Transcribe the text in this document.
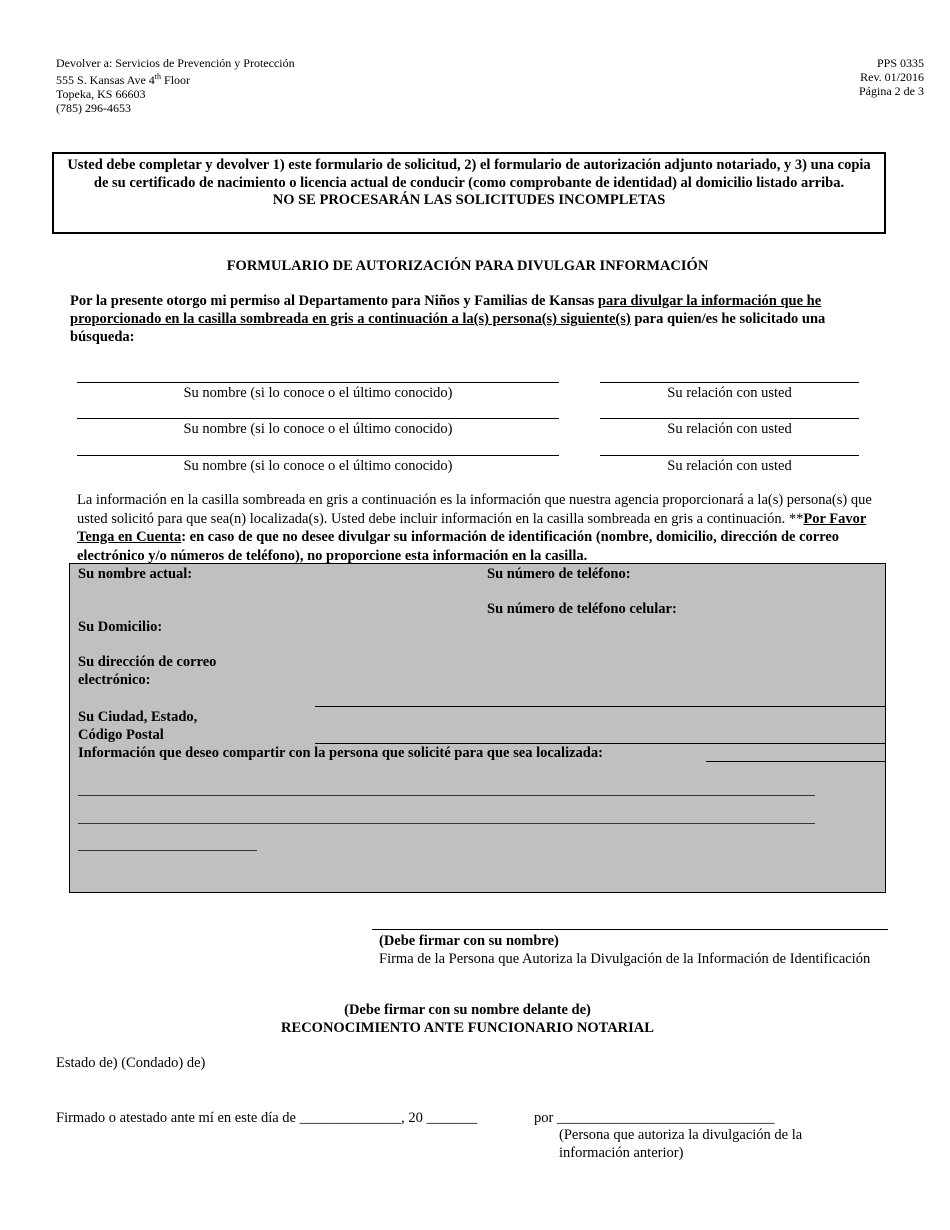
Devolver a: Servicios de Prevención y Protección
555 S. Kansas Ave 4th Floor
Topeka, KS 66603
(785) 296-4653
PPS 0335
Rev. 01/2016
Página 2 de 3
Usted debe completar y devolver 1) este formulario de solicitud, 2) el formulario de autorización adjunto notariado, y 3) una copia de su certificado de nacimiento o licencia actual de conducir (como comprobante de identidad) al domicilio listado arriba.
NO SE PROCESARÁN LAS SOLICITUDES INCOMPLETAS
FORMULARIO DE AUTORIZACIÓN PARA DIVULGAR INFORMACIÓN
Por la presente otorgo mi permiso al Departamento para Niños y Familias de Kansas para divulgar la información que he proporcionado en la casilla sombreada en gris a continuación a la(s) persona(s) siguiente(s) para quien/es he solicitado una búsqueda:
Su nombre (si lo conoce o el último conocido)	Su relación con usted
Su nombre (si lo conoce o el último conocido)	Su relación con usted
Su nombre (si lo conoce o el último conocido)	Su relación con usted
La información en la casilla sombreada en gris a continuación es la información que nuestra agencia proporcionará a la(s) persona(s) que usted solicitó para que sea(n) localizada(s). Usted debe incluir información en la casilla sombreada en gris a continuación. **Por Favor Tenga en Cuenta: en caso de que no desee divulgar su información de identificación (nombre, domicilio, dirección de correo electrónico y/o números de teléfono), no proporcione esta información en la casilla.
Su nombre actual:	Su número de teléfono:
Su número de teléfono celular:
Su Domicilio:
Su dirección de correo
electrónico:
Su Ciudad, Estado,
Código Postal
Información que deseo compartir con la persona que solicité para que sea localizada:
(Debe firmar con su nombre)
Firma de la Persona que Autoriza la Divulgación de la Información de Identificación
(Debe firmar con su nombre delante de)
RECONOCIMIENTO ANTE FUNCIONARIO NOTARIAL
Estado de) (Condado) de)
Firmado o atestado ante mí en este día de ______________, 20 _______	por ______________________________
(Persona que autoriza la divulgación de la
información anterior)
